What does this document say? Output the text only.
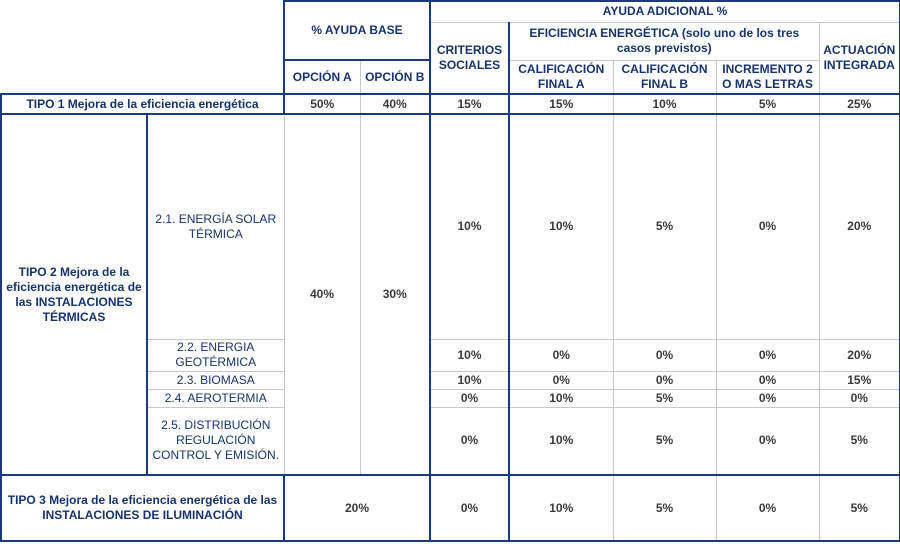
		% AYUDA BASE		AYUDA ADICIONAL %				
				CRITERIOS SOCIALES	EFICIENCIA ENERGÉTICA (solo uno de los tres casos previstos)			ACTUACIÓN INTEGRADA
		OPCIÓN A	OPCIÓN B		CALIFICACIÓN FINAL A	CALIFICACIÓN FINAL B	INCREMENTO 2 O MAS LETRAS	
TIPO 1 Mejora de la eficiencia energética		50%	40%	15%	15%	10%	5%	25%
TIPO 2 Mejora de la eficiencia energética de las INSTALACIONES TÉRMICAS	2.1. ENERGÍA SOLAR TÉRMICA	40%	30%	10%	10%	5%	0%	20%
	2.2. ENERGIA GEOTÉRMICA			10%	0%	0%	0%	20%
	2.3. BIOMASA			10%	0%	0%	0%	15%
	2.4. AEROTERMIA			0%	10%	5%	0%	0%
	2.5. DISTRIBUCIÓN REGULACIÓN CONTROL Y EMISIÓN.			0%	10%	5%	0%	5%
TIPO 3 Mejora de la eficiencia energética de las INSTALACIONES DE ILUMINACIÓN		20%		0%	10%	5%	0%	5%
